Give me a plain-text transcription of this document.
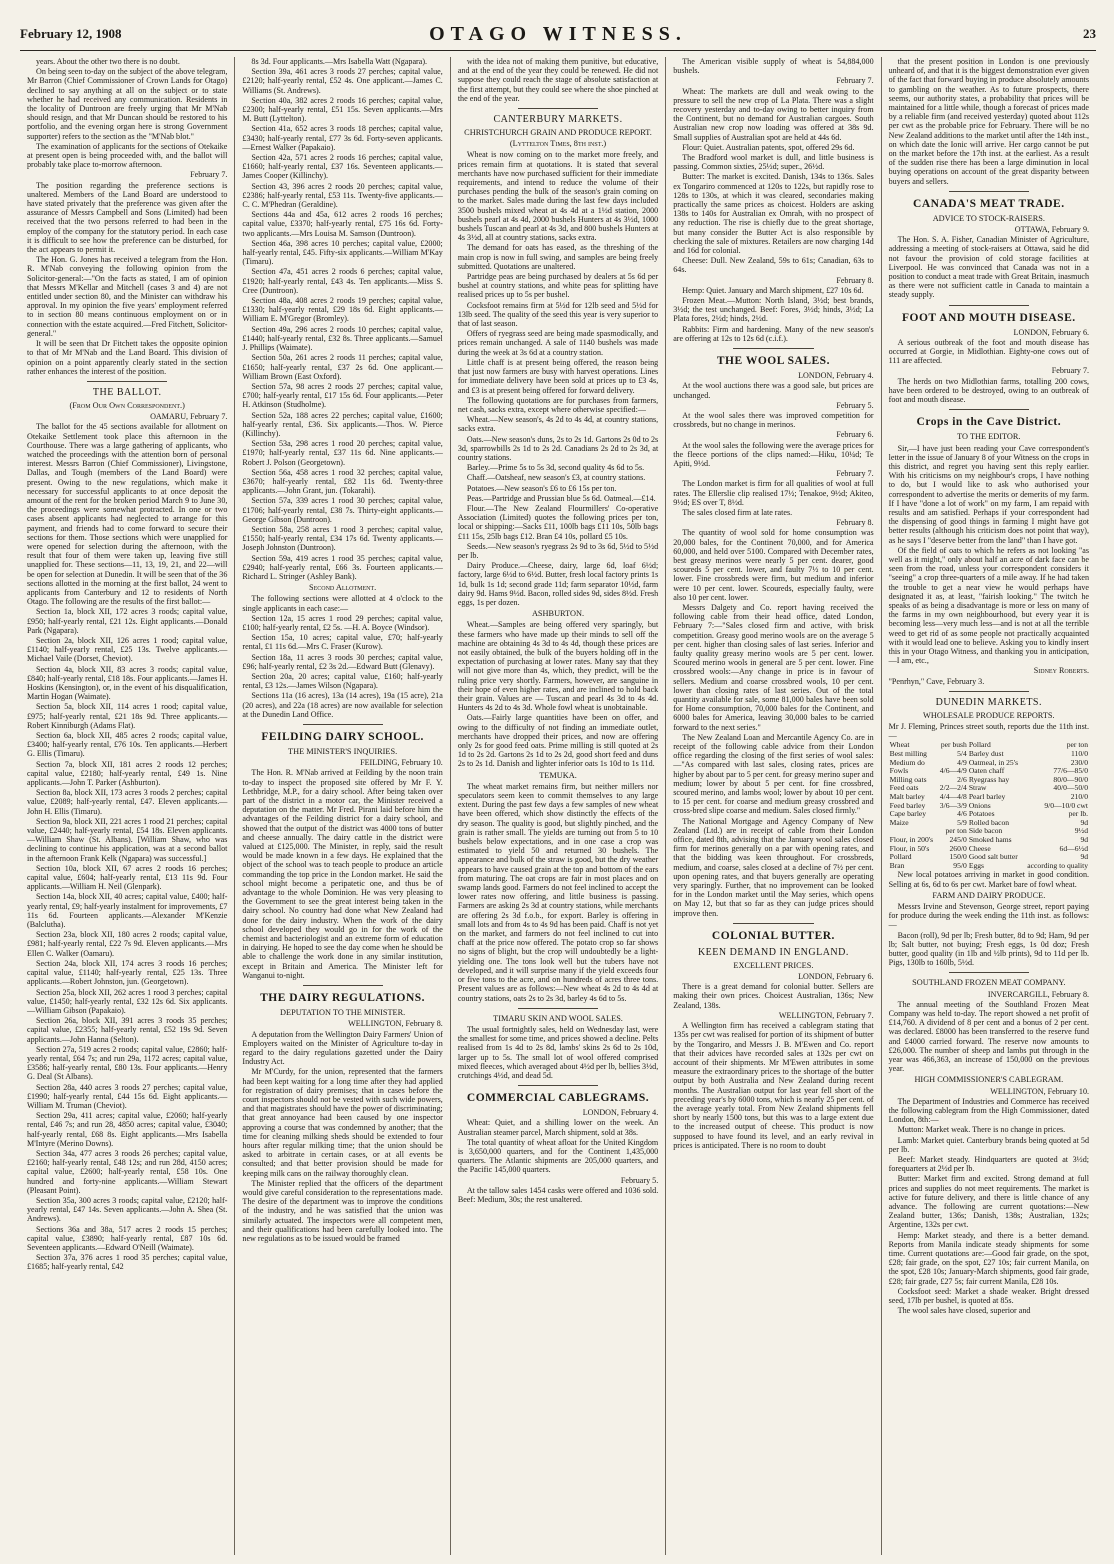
February 12, 1908	OTAGO WITNESS.	23

years. About the other two there is no doubt.

On being seen to-day on the subject of the above telegram, Mr Barron (Chief Commissioner of Crown Lands for Otago) declined to say anything at all on the subject or to state whether he had received any communication. Residents in the locality of Duntroon are freely urging that Mr M'Nab should resign, and that Mr Duncan should be restored to his portfolio, and the evening organ here is strong Government supporter) refers to the section as the "M'Nab blot."

The examination of applicants for the sections of Otekaike at present open is being proceeded with, and the ballot will probably take place to-morrow afternoon.

February 7.

The position regarding the preference sections is unaltered. Members of the Land Board are understood to have stated privately that the preference was given after the assurance of Messrs Campbell and Sons (Limited) had been received that the two persons referred to had been in the employ of the company for the statutory period. In each case it is difficult to see how the preference can be disturbed, for the act appears to permit it.

The Hon. G. Jones has received a telegram from the Hon. R. M'Nab conveying the following opinion from the Solicitor-general:—"On the facts as stated, I am of opinion that Messrs M'Kellar and Mitchell (cases 3 and 4) are not entitled under section 80, and the Minister can withdraw his approval. In my opinion the five years' employment referred to in section 80 means continuous employment on or in connection with the estate acquired.—Fred Fitchett, Solicitor-general."

It will be seen that Dr Fitchett takes the opposite opinion to that of Mr M'Nab and the Land Board. This division of opinion on a point apparently clearly stated in the section rather enhances the interest of the position.

THE BALLOT.
(From Our Own Correspondent.)

OAMARU, February 7.

The ballot for the 45 sections available for allotment on Otekaike Settlement took place this afternoon in the Courthouse. There was a large gathering of applicants, who watched the proceedings with the attention born of personal interest. Messrs Barron (Chief Commissioner), Livingstone, Dallas, and Tough (members of the Land Board) were present. Owing to the new regulations, which make it necessary for successful applicants to at once deposit the amount of the rent for the broken period March 9 to June 30, the proceedings were somewhat protracted. In one or two cases absent applicants had neglected to arrange for this payment, and friends had to come forward to secure their sections for them. Those sections which were unapplied for were opened for selection during the afternoon, with the result that four of them were taken up, leaving five still unapplied for. These sections—11, 13, 19, 21, and 22—will be open for selection at Dunedin. It will be seen that of the 36 sections allotted in the morning at the first ballot, 24 went to applicants from Canterbury and 12 to residents of North Otago. The following are the results of the first ballot:—

Section 1a, block XII, 172 acres 3 roods; capital value, £950; half-yearly rental, £21 12s. Eight applicants.—Donald Park (Ngapara).

Section 2a, block XII, 126 acres 1 rood; capital value, £1140; half-yearly rental, £25 13s. Twelve applicants.—Michael Vaile (Dorset, Cheviot).

Section 4a, block XII, 83 acres 3 roods; capital value, £840; half-yearly rental, £18 18s. Four applicants.—James H. Hoskins (Kensington), or, in the event of his disqualification, Martin Hogan (Waimate).

Section 5a, block XII, 114 acres 1 rood; capital value, £975; half-yearly rental, £21 18s 9d. Three applicants.—Robert Kinniburgh (Adams Flat).

Section 6a, block XII, 485 acres 2 roods; capital value, £3400; half-yearly rental, £76 10s. Ten applicants.—Herbert G. Ellis (Timaru).

Section 7a, block XII, 181 acres 2 roods 12 perches; capital value, £2180; half-yearly rental, £49 1s. Nine applicants.—John T. Parker (Ashburton).

Section 8a, block XII, 173 acres 3 roods 2 perches; capital value, £2089; half-yearly rental, £47. Eleven applicants.—John H. Ellis (Timaru).

Section 9a, block XII, 221 acres 1 rood 21 perches; capital value, £2440; half-yearly rental, £54 18s. Eleven applicants.—William Shaw (St. Albans). [William Shaw, who was declining to continue his application, was at a second ballot in the afternoon Frank Kelk (Ngapara) was successful.]

Section 10a, block XII, 67 acres 2 roods 16 perches; capital value, £604; half-yearly rental, £13 11s 9d. Four applicants.—William H. Neil (Glenpark).

Section 14a, block XII, 40 acres; capital value, £400; half-yearly rental, £9; half-yearly instalment for improvements, £7 11s 6d. Fourteen applicants.—Alexander M'Kenzie (Balclutha).

Section 23a, block XII, 180 acres 2 roods; capital value, £981; half-yearly rental, £22 7s 9d. Eleven applicants.—Mrs Ellen C. Walker (Oamaru).

Section 24a, block XII, 174 acres 3 roods 16 perches; capital value, £1140; half-yearly rental, £25 13s. Three applicants.—Robert Johnston, jun. (Georgetown).

Section 25a, block XII, 262 acres 1 rood 3 perches; capital value, £1450; half-yearly rental, £32 12s 6d. Six applicants.—William Gibson (Papakaio).

Section 26a, block XII, 391 acres 3 roods 35 perches; capital value, £2355; half-yearly rental, £52 19s 9d. Seven applicants.—John Hanna (Selton).

Section 27a, 519 acres 2 roods; capital value, £2860; half-yearly rental, £64 7s; and run 29a, 1172 acres; capital value, £3586; half-yearly rental, £80 13s. Four applicants.—Henry G. Deal (St Albans).

Section 28a, 440 acres 3 roods 27 perches; capital value, £1990; half-yearly rental, £44 15s 6d. Eight applicants.—William M. Truman (Cheviot).

Section 29a, 411 acres; capital value, £2060; half-yearly rental, £46 7s; and run 28, 4850 acres; capital value, £3040; half-yearly rental, £68 8s. Eight applicants.—Mrs Isabella M'Intyre (Merino Downs).

Section 34a, 477 acres 3 roods 26 perches; capital value, £2160; half-yearly rental, £48 12s; and run 28d, 4150 acres; capital value, £2600; half-yearly rental, £58 10s. One hundred and forty-nine applicants.—William Stewart (Pleasant Point).

Section 35a, 300 acres 3 roods; capital value, £2120; half-yearly rental, £47 14s. Seven applicants.—John A. Shea (St. Andrews).

Sections 36a and 38a, 517 acres 2 roods 15 perches; capital value, £3890; half-yearly rental, £87 10s 6d. Seventeen applicants.—Edward O'Neill (Waimate).

Section 37a, 376 acres 1 rood 35 perches; capital value, £1685; half-yearly rental, £42

8s 3d. Four applicants.—Mrs Isabella Watt (Ngapara).

Section 39a, 461 acres 3 roods 27 perches; capital value, £2120; half-yearly rental, £52 4s. One applicant.—James C. Williams (St. Andrews).

Section 40a, 382 acres 2 roods 16 perches; capital value, £2300; half-yearly rental, £51 15s. Seven applicants.—Mrs M. Butt (Lyttelton).

Section 41a, 652 acres 3 roods 18 perches; capital value, £3430; half-yearly rental, £77 3s 6d. Forty-seven applicants.—Ernest Walker (Papakaio).

Section 42a, 571 acres 2 roods 16 perches; capital value, £1660; half-yearly rental, £37 16s. Seventeen applicants.—James Cooper (Killinchy).

Section 43, 396 acres 2 roods 20 perches; capital value, £2386; half-yearly rental, £53 11s. Twenty-five applicants.—C. C. M'Phedran (Geraldine).

Sections 44a and 45a, 612 acres 2 roods 16 perches; capital value, £3370; half-yearly rental, £75 16s 6d. Forty-two applicants.—Mrs Louisa M. Samson (Duntroon).

Section 46a, 398 acres 10 perches; capital value, £2000; half-yearly rental, £45. Fifty-six applicants.—William M'Kay (Timaru).

Section 47a, 451 acres 2 roods 6 perches; capital value, £1920; half-yearly rental, £43 4s. Ten applicants.—Miss S. Cree (Duntroon).

Section 48a, 408 acres 2 roods 19 perches; capital value, £1330; half-yearly rental, £29 18s 6d. Eight applicants.—William E. M'Gregor (Bromley).

Section 49a, 296 acres 2 roods 10 perches; capital value, £1440; half-yearly rental, £32 8s. Three applicants.—Samuel J. Phillips (Waimate).

Section 50a, 261 acres 2 roods 11 perches; capital value, £1650; half-yearly rental, £37 2s 6d. One applicant.—William Brown (East Oxford).

Section 57a, 98 acres 2 roods 27 perches; capital value, £700; half-yearly rental, £17 15s 6d. Four applicants.—Peter H. Atkinson (Studholme).

Section 52a, 188 acres 22 perches; capital value, £1600; half-yearly rental, £36. Six applicants.—Thos. W. Pierce (Killinchy).

Section 53a, 298 acres 1 rood 20 perches; capital value, £1970; half-yearly rental, £37 11s 6d. Nine applicants.—Robert J. Polson (Georgetown).

Section 56a, 458 acres 1 rood 32 perches; capital value, £3670; half-yearly rental, £82 11s 6d. Twenty-three applicants.—John Grant, jun. (Tokarahi).

Section 57a, 339 acres 1 rood 30 perches; capital value, £1706; half-yearly rental, £38 7s. Thirty-eight applicants.—George Gibson (Duntroon).

Section 58a, 258 acres 1 rood 3 perches; capital value, £1550; half-yearly rental, £34 17s 6d. Twenty applicants.—Joseph Johnston (Duntroon).

Section 59a, 419 acres 1 rood 35 perches; capital value, £2940; half-yearly rental, £66 3s. Fourteen applicants.—Richard L. Stringer (Ashley Bank).

Second Allotment.

The following sections were allotted at 4 o'clock to the single applicants in each case:—

Section 12a, 15 acres 1 rood 29 perches; capital value, £100; half-yearly rental, £2 5s. —H. A. Boyce (Windsor).

Section 15a, 10 acres; capital value, £70; half-yearly rental, £1 11s 6d.—Mrs C. Fraser (Kurow).

Section 18a, 11 acres 3 roods 30 perches; capital value, £96; half-yearly rental, £2 3s 2d.—Edward Butt (Glenavy).

Section 20a, 20 acres; capital value, £160; half-yearly rental, £3 12s.—James Wilson (Ngapara).

Sections 11a (16 acres), 13a (14 acres), 19a (15 acre), 21a (20 acres), and 22a (18 acres) are now available for selection at the Dunedin Land Office.

FEILDING DAIRY SCHOOL.
THE MINISTER'S INQUIRIES.

FEILDING, February 10.

The Hon. R. M'Nab arrived at Feilding by the noon train to-day to inspect the proposed site offered by Mr F. Y. Lethbridge, M.P., for a dairy school. After being taken over part of the district in a motor car, the Minister received a deputation on the matter. Mr Fred. Pirani laid before him the advantages of the Feilding district for a dairy school, and showed that the output of the district was 4000 tons of butter and cheese annually. The dairy cattle in the district were valued at £125,000. The Minister, in reply, said the result would be made known in a few days. He explained that the object of the school was to teach people to produce an article commanding the top price in the London market. He said the school might become a peripatetic one, and thus be of advantage to the whole Dominion. He was very pleasing to the Government to see the great interest being taken in the dairy school. No country had done what New Zealand had done for the dairy industry. When the work of the dairy school developed they would go in for the work of the chemist and bacteriologist and an extreme form of education in dairying. He hoped to see the day come when he should be able to challenge the work done in any similar institution, except in Britain and America. The Minister left for Wanganui to-night.

THE DAIRY REGULATIONS.
DEPUTATION TO THE MINISTER.

WELLINGTON, February 8.

A deputation from the Wellington Dairy Farmers' Union of Employers waited on the Minister of Agriculture to-day in regard to the dairy regulations gazetted under the Dairy Industry Act.

Mr M'Curdy, for the union, represented that the farmers had been kept waiting for a long time after they had applied for registration of dairy premises; that in cases before the court inspectors should not be vested with such wide powers, and that magistrates should have the power of discriminating; that great annoyance had been caused by one inspector approving a course that was condemned by another; that the time for cleaning milking sheds should be extended to four hours after regular milking time; that the union should be asked to arbitrate in certain cases, or at all events be consulted; and that better provision should be made for keeping milk cans on the railway thoroughly clean.

The Minister replied that the officers of the department would give careful consideration to the representations made. The desire of the department was to improve the conditions of the industry, and he was satisfied that the union was similarly actuated. The inspectors were all competent men, and their qualifications had been carefully looked into. The new regulations as to be issued would be framed

with the idea not of making them punitive, but educative, and at the end of the year they could be renewed. He did not suppose they could reach the stage of absolute satisfaction at the first attempt, but they could see where the shoe pinched at the end of the year.

CANTERBURY MARKETS.
CHRISTCHURCH GRAIN AND PRODUCE REPORT.
(Lyttelton Times, 8th inst.)

Wheat is now coming on to the market more freely, and prices remain firm at quotations. It is stated that several merchants have now purchased sufficient for their immediate requirements, and intend to reduce the volume of their purchases pending the bulk of the season's grain coming on to the market. Sales made during the last few days included 3500 bushels mixed wheat at 4s 4d at a 1½d station, 2000 bushels pearl at 4s 4d, 2000 bushels Hunters at 4s 3½d, 1000 bushels Tuscan and pearl at 4s 3d, and 800 bushels Hunters at 4s 3½d, all at country stations, sacks extra.

The demand for oats has eased, as the threshing of the main crop is now in full swing, and samples are being freely submitted. Quotations are unaltered.

Partridge peas are being purchased by dealers at 5s 6d per bushel at country stations, and white peas for splitting have realised prices up to 5s per bushel.

Cocksfoot remains firm at 5½d for 12lb seed and 5½d for 13lb seed. The quality of the seed this year is very superior to that of last season.

Offers of ryegrass seed are being made spasmodically, and prices remain unchanged. A sale of 1140 bushels was made during the week at 3s 6d at a country station.

Little chaff is at present being offered, the reason being that just now farmers are busy with harvest operations. Lines for immediate delivery have been sold at prices up to £3 4s, and £3 is at present being offered for forward delivery.

The following quotations are for purchases from farmers, net cash, sacks extra, except where otherwise specified:—

Wheat.—New season's, 4s 2d to 4s 4d, at country stations, sacks extra.

Oats.—New season's duns, 2s to 2s 1d. Gartons 2s 0d to 2s 3d, sparrowbills 2s 1d to 2s 2d. Canadians 2s 2d to 2s 3d, at country stations.

Barley.—Prime 5s to 5s 3d, second quality 4s 6d to 5s.

Chaff.—Oatsheaf, new season's £3, at country stations.

Potatoes.—New season's £6 to £6 15s per ton.

Peas.—Partridge and Prussian blue 5s 6d. Oatmeal.—£14.

Flour.—The New Zealand Flourmillers' Co-operative Association (Limited) quotes the following prices per ton, local or shipping:—Sacks £11, 100lb bags £11 10s, 50lb bags £11 15s, 25lb bags £12. Bran £4 10s, pollard £5 10s.

Seeds.—New season's ryegrass 2s 9d to 3s 6d, 5½d to 5½d per lb.

Dairy Produce.—Cheese, dairy, large 6d, loaf 6½d; factory, large 6½d to 6½d. Butter, fresh local factory prints 1s 1d, bulk 1s 1d; second grade 11d; farm separator 10½d, farm dairy 9d. Hams 9½d. Bacon, rolled sides 9d, sides 8½d. Fresh eggs, 1s per dozen.

ASHBURTON.

Wheat.—Samples are being offered very sparingly, but these farmers who have made up their minds to sell off the machine are obtaining 4s 3d to 4s 4d, though these prices are not easily obtained, the bulk of the buyers holding off in the expectation of purchasing at lower rates. Many say that they will not give more than 4s, which, they predict, will be the ruling price very shortly. Farmers, however, are sanguine in their hope of even higher rates, and are inclined to hold back their grain. Values are — Tuscan and pearl 4s 3d to 4s 4d. Hunters 4s 2d to 4s 3d. Whole fowl wheat is unobtainable.

Oats.—Fairly large quantities have been on offer, and owing to the difficulty of not finding an immediate outlet, merchants have dropped their prices, and now are offering only 2s for good feed oats. Prime milling is still quoted at 2s 1d to 2s 2d. Gartons 2s 1d to 2s 2d, good short feed and duns 2s to 2s 1d. Danish and lighter inferior oats 1s 10d to 1s 11d.

TEMUKA.

The wheat market remains firm, but neither millers nor speculators seem keen to commit themselves to any large extent. During the past few days a few samples of new wheat have been offered, which show distinctly the effects of the dry season. The quality is good, but slightly pinched, and the grain is rather small. The yields are turning out from 5 to 10 bushels below expectations, and in one case a crop was estimated to yield 50 and returned 30 bushels. The appearance and bulk of the straw is good, but the dry weather appears to have caused grain at the top and bottom of the ears from maturing. The oat crops are fair in most places and on swamp lands good. Farmers do not feel inclined to accept the lower rates now offering, and little business is passing. Farmers are asking 2s 3d at country stations, while merchants are offering 2s 3d f.o.b., for export. Barley is offering in small lots and from 4s to 4s 9d has been paid. Chaff is not yet on the market, and farmers do not feel inclined to cut into chaff at the price now offered. The potato crop so far shows no signs of blight, but the crop will undoubtedly be a light-yielding one. The tons look well but the tubers have not developed, and it will surprise many if the yield exceeds four or five tons to the acre, and on hundreds of acres three tons. Present values are as follows:—New wheat 4s 2d to 4s 4d at country stations, oats 2s to 2s 3d, barley 4s 6d to 5s.

TIMARU SKIN AND WOOL SALES.

The usual fortnightly sales, held on Wednesday last, were the smallest for some time, and prices showed a decline. Pelts realised from 1s 4d to 2s 8d, lambs' skins 2s 6d to 2s 10d, larger up to 5s. The small lot of wool offered comprised mixed fleeces, which averaged about 4½d per lb, bellies 3½d, crutchings 4½d, and dead 5d.

COMMERCIAL CABLEGRAMS.

LONDON, February 4.

Wheat: Quiet, and a shilling lower on the week. An Australian steamer parcel, March shipment, sold at 38s.

The total quantity of wheat afloat for the United Kingdom is 3,650,000 quarters, and for the Continent 1,435,000 quarters. The Atlantic shipments are 205,000 quarters, and the Pacific 145,000 quarters.

February 5.

At the tallow sales 1454 casks were offered and 1036 sold. Beef: Medium, 30s; the rest unaltered.

The American visible supply of wheat is 54,884,000 bushels.

February 7.

Wheat: The markets are dull and weak owing to the pressure to sell the new crop of La Plata. There was a slight recovery yesterday and to-day owing to better inquiry from the Continent, but no demand for Australian cargoes. South Australian new crop now loading was offered at 38s 9d. Small supplies of Australian spot are held at 44s 6d.

Flour: Quiet. Australian patents, spot, offered 29s 6d.

The Bradford wool market is dull, and little business is passing. Common sixties, 25½d; super., 26½d.

Butter: The market is excited. Danish, 134s to 136s. Sales ex Tongariro commenced at 120s to 122s, but rapidly rose to 128s to 130s, at which it was cleared, secondaries making practically the same prices as choicest. Holders are asking 138s to 140s for Australian ex Omrah, with no prospect of any reduction. The rise is chiefly due to the great shortage, but many consider the Butter Act is also responsible by checking the sale of mixtures. Retailers are now charging 14d and 16d for colonial.

Cheese: Dull. New Zealand, 59s to 61s; Canadian, 63s to 64s.

February 8.

Hemp: Quiet. January and March shipment, £27 10s 6d.

Frozen Meat.—Mutton: North Island, 3½d; best brands, 3½d; the test unchanged. Beef: Fores, 3½d; hinds, 3½d; La Plata fores, 2½d; hinds, 2½d.

Rabbits: Firm and hardening. Many of the new season's are offering at 12s to 12s 6d (c.i.f.).

THE WOOL SALES.

LONDON, February 4.

At the wool auctions there was a good sale, but prices are unchanged.

February 5.

At the wool sales there was improved competition for crossbreds, but no change in merinos.

February 6.

At the wool sales the following were the average prices for the fleece portions of the clips named:—Hiku, 10¼d; Te Apiti, 9½d.

February 7.

The London market is firm for all qualities of wool at full rates. The Ellerslie clip realised 17½; Tenakoe, 9½d; Akiteo, 9½d; ES over T, 8½d.

The sales closed firm at late rates.

February 8.

The quantity of wool sold for home consumption was 20,000 bales, for the Continent 70,000, and for America 60,000, and held over 5100. Compared with December rates, best greasy merinos were nearly 5 per cent. dearer, good scoureds 5 per cent. lower, and faulty 7½ to 10 per cent. lower. Fine crossbreds were firm, but medium and inferior were 10 per cent. lower. Scoureds, especially faulty, were also 10 per cent. lower.

Messrs Dalgety and Co. report having received the following cable from their head office, dated London, February 7:—"Sales closed firm and active, with brisk competition. Greasy good merino wools are on the average 5 per cent. higher than closing sales of last series. Inferior and faulty quality greasy merino wools are 5 per cent. lower. Scoured merino wools in general are 5 per cent. lower. Fine crossbred wools:—Any change in price is in favour of sellers. Medium and coarse crossbred wools, 10 per cent. lower than closing rates of last series. Out of the total quantity available for sale, some 81,000 bales have been sold for Home consumption, 70,000 bales for the Continent, and 6000 bales for America, leaving 30,000 bales to be carried forward to the next series."

The New Zealand Loan and Mercantile Agency Co. are in receipt of the following cable advice from their London office regarding the closing of the first series of wool sales:—"As compared with last sales, closing rates, prices are higher by about par to 5 per cent. for greasy merino super and medium; lower by about 5 per cent. for fine crossbred, scoured merino, and lambs wool; lower by about 10 per cent. to 15 per cent. for coarse and medium greasy crossbred and cross-bred slipe coarse and medium. Sales closed firmly."

The National Mortgage and Agency Company of New Zealand (Ltd.) are in receipt of cable from their London office, dated 8th, advising that the January wool sales closed firm for merinos generally on a par with opening rates, and that the bidding was keen throughout. For crossbreds, medium, and coarse, sales closed at a decline of 7½ per cent. upon opening rates, and that buyers generally are operating very sparingly. Further, that no improvement can be looked for in the London market until the May series, which opens on May 12, but that so far as they can judge prices should improve then.

COLONIAL BUTTER.
KEEN DEMAND IN ENGLAND.
EXCELLENT PRICES.

LONDON, February 6.

There is a great demand for colonial butter. Sellers are making their own prices. Choicest Australian, 136s; New Zealand, 138s.

WELLINGTON, February 7.

A Wellington firm has received a cablegram stating that 135s per cwt was realised for portion of its shipment of butter by the Tongariro, and Messrs J. B. M'Ewen and Co. report that their advices have recorded sales at 132s per cwt on account of their shipments. Mr M'Ewen attributes in some measure the extraordinary prices to the shortage of the butter output by both Australia and New Zealand during recent months. The Australian output for last year fell short of the preceding year's by 6000 tons, which is nearly 25 per cent. of the average yearly total. From New Zealand shipments fell short by nearly 1500 tons, but this was to a large extent due to the increased output of cheese. This product is now supposed to have found its level, and an early revival in prices is anticipated. There is no room to doubt

that the present position in London is one previously unheard of, and that it is the biggest demonstration ever given of the fact that forward buying in produce absolutely amounts to gambling on the weather. As to future prospects, there seems, our authority states, a probability that prices will be maintained for a little while, though a forecast of prices made by a reliable firm (and received yesterday) quoted about 112s per cwt as the probable price for February. There will be no New Zealand additions to the market until after the 14th inst., on which date the Ionic will arrive. Her cargo cannot be put on the market before the 17th inst. at the earliest. As a result of the sudden rise there has been a large diminution in local buying operations on account of the great disparity between buyers and sellers.

CANADA'S MEAT TRADE.
ADVICE TO STOCK-RAISERS.

OTTAWA, February 9.

The Hon. S. A. Fisher, Canadian Minister of Agriculture, addressing a meeting of stock-raisers at Ottawa, said he did not favour the provision of cold storage facilities at Liverpool. He was convinced that Canada was not in a position to conduct a meat trade with Great Britain, inasmuch as there were not sufficient cattle in Canada to maintain a steady supply.

FOOT AND MOUTH DISEASE.

LONDON, February 6.

A serious outbreak of the foot and mouth disease has occurred at Gorgie, in Midlothian. Eighty-one cows out of 111 are affected.

February 7.

The herds on two Midlothian farms, totalling 200 cows, have been ordered to be destroyed, owing to an outbreak of foot and mouth disease.

Crops in the Cave District.
TO THE EDITOR.

Sir,—I have just been reading your Cave correspondent's letter in the issue of January 8 of your Witness on the crops in this district, and regret you having sent this reply earlier. With his criticisms on my neighbour's crops, I have nothing to do, but I would like to ask who authorised your correspondent to advertise the merits or demerits of my farm. If I have "done a lot of work" on my farm, I am repaid with results and am satisfied. Perhaps if your correspondent had the dispensing of good things in farming I might have got better results (although his criticism does not point that way), as he says I "deserve better from the land" than I have got.

Of the field of oats to which he refers as not looking "as well as it might," only about half an acre of dark face can be seen from the road, unless your correspondent considers it "seeing" a crop three-quarters of a mile away. If he had taken the trouble to get a near view he would perhaps have designated it as, at least, "fairish looking." The twitch he speaks of as being a disadvantage is more or less on many of the farms in my own neighbourhood, but every year it is becoming less—very much less—and is not at all the terrible weed to get rid of as some people not practically acquainted with it would lead one to believe. Asking you to kindly insert this in your Otago Witness, and thanking you in anticipation,—I am, etc.,

Sidney Roberts.

"Penrhyn," Cave, February 3.

DUNEDIN MARKETS.
WHOLESALE PRODUCE REPORTS.

Mr J. Fleming, Princes street south, reports due the 11th inst. —

Wheat	per bush	Pollard	per ton
Best milling	5/4	Barley dust	110/0
Medium do	4/9	Oatmeal, in 25's	230/0
Fowls	4/6—4/9	Oaten chaff	77/6—85/0
Milling oats	2/6	Ryegrass hay	80/0—90/0
Feed oats	2/2—2/4	Straw	40/0—50/0
Malt barley	4/4—4/8	Pearl barley	210/0
Feed barley	3/6—3/9	Onions	9/0—10/0 cwt
Cape barley	4/6	Potatoes	per lb.
Maize	5/9	Rolled bacon	9d
	per ton	Side bacon	9½d
Flour, in 200's	245/0	Smoked hams	9d
Flour, in 50's	260/0	Cheese	6d—6½d
Pollard	150/0	Good salt butter	9d
Bran	95/0	Eggs	according to quality

New local potatoes arriving in market in good condition. Selling at 6s, 6d to 6s per cwt. Market bare of fowl wheat.

FARM AND DAIRY PRODUCE.

Messrs Irvine and Stevenson, George street, report paying for produce during the week ending the 11th inst. as follows:—

Bacon (roll), 9d per lb; Fresh butter, 8d to 9d; Ham, 9d per lb; Salt butter, not buying; Fresh eggs, 1s 0d doz; Fresh butter, good quality (in 1lb and ½lb prints), 9d to 11d per lb. Pigs, 130lb to 160lb, 5½d.

SOUTHLAND FROZEN MEAT COMPANY.

INVERCARGILL, February 8.

The annual meeting of the Southland Frozen Meat Company was held to-day. The report showed a net profit of £14,760. A dividend of 8 per cent and a bonus of 2 per cent. was declared. £8000 has been transferred to the reserve fund and £4000 carried forward. The reserve now amounts to £26,000. The number of sheep and lambs put through in the year was 466,363, an increase of 150,000 on the previous year.

HIGH COMMISSIONER'S CABLEGRAM.

WELLINGTON, February 10.

The Department of Industries and Commerce has received the following cablegram from the High Commissioner, dated London, 8th:—

Mutton: Market weak. There is no change in prices.

Lamb: Market quiet. Canterbury brands being quoted at 5d per lb.

Beef: Market steady. Hindquarters are quoted at 3½d; forequarters at 2½d per lb.

Butter: Market firm and excited. Strong demand at full prices and supplies do not meet requirements. The market is active for future delivery, and there is little chance of any advance. The following are current quotations:—New Zealand butter, 136s; Danish, 138s; Australian, 132s; Argentine, 132s per cwt.

Hemp: Market steady, and there is a better demand. Reports from Manila indicate steady shipments for some time. Current quotations are:—Good fair grade, on the spot, £28; fair grade, on the spot, £27 10s; fair current Manila, on the spot, £28 10s; January-March shipments, good fair grade, £28; fair grade, £27 5s; fair current Manila, £28 10s.

Cocksfoot seed: Market a shade weaker. Bright dressed seed, 17lb per bushel, is quoted at 85s.

The wool sales have closed, superior and
